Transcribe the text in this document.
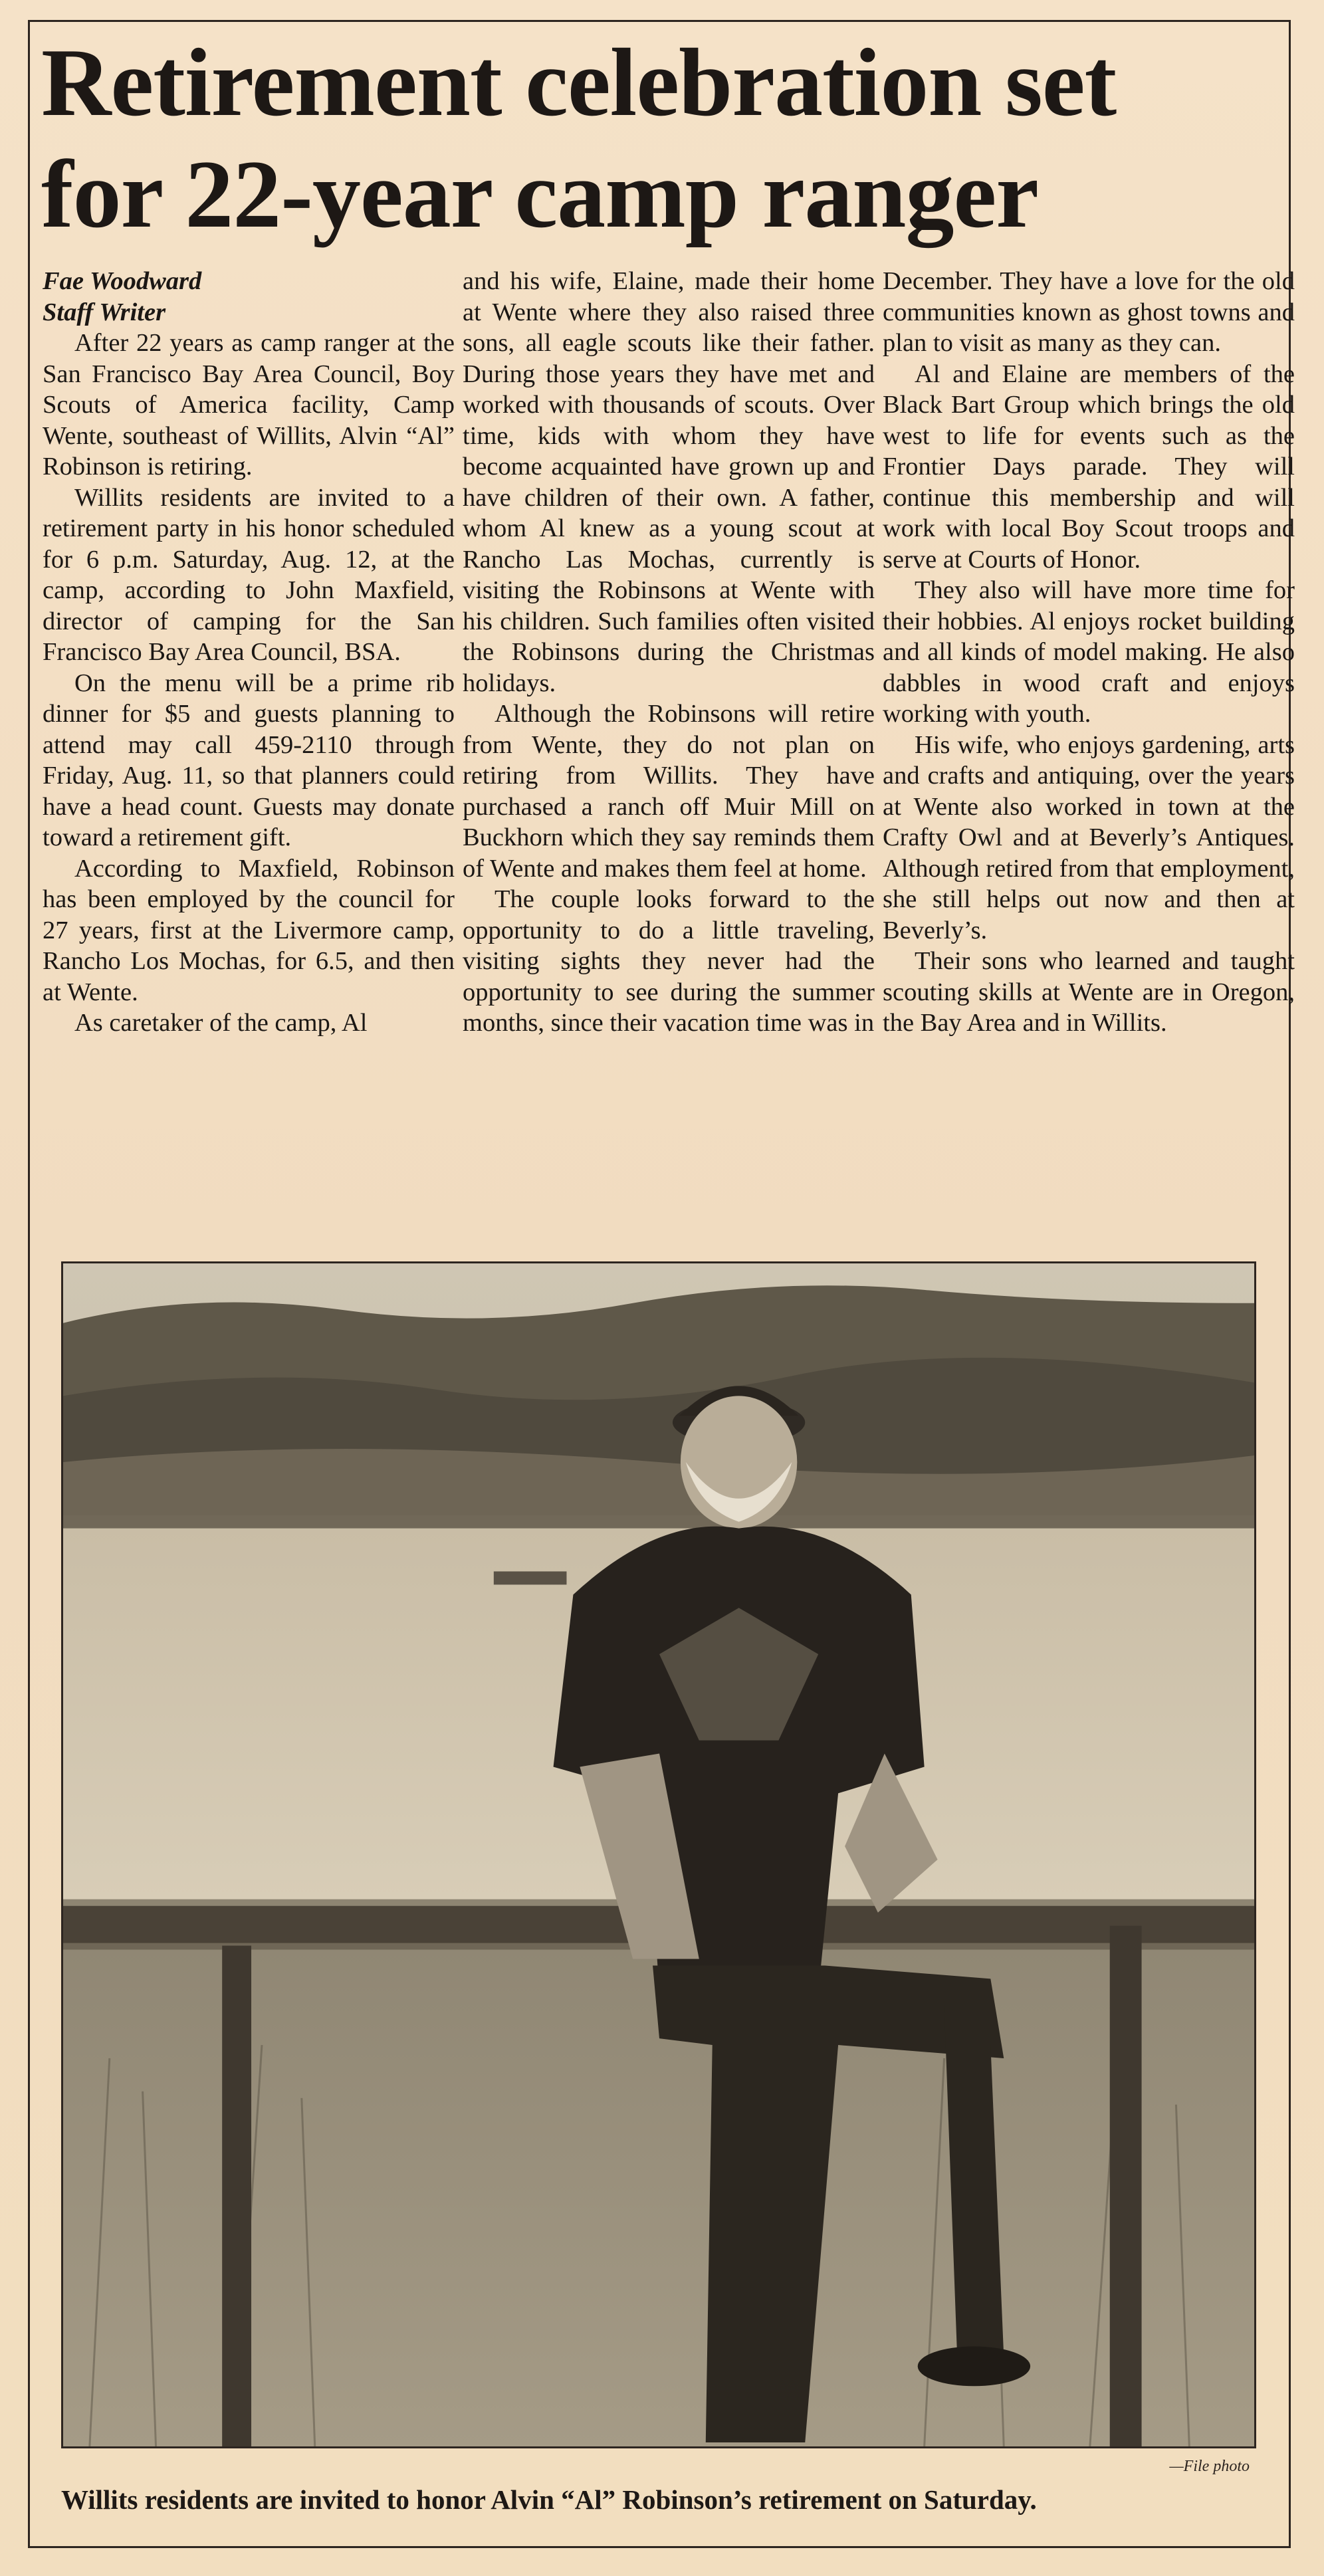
Retirement celebration set
for 22-year camp ranger
Fae Woodward
Staff Writer

After 22 years as camp ranger at the San Francisco Bay Area Council, Boy Scouts of America facility, Camp Wente, southeast of Willits, Alvin “Al” Robinson is retiring.

Willits residents are invited to a retirement party in his honor scheduled for 6 p.m. Saturday, Aug. 12, at the camp, according to John Maxfield, director of camping for the San Francisco Bay Area Council, BSA.

On the menu will be a prime rib dinner for $5 and guests planning to attend may call 459-2110 through Friday, Aug. 11, so that planners could have a head count. Guests may donate toward a retirement gift.

According to Maxfield, Robinson has been employed by the council for 27 years, first at the Livermore camp, Rancho Los Mochas, for 6.5, and then at Wente.

As caretaker of the camp, Al

and his wife, Elaine, made their home at Wente where they also raised three sons, all eagle scouts like their father. During those years they have met and worked with thousands of scouts. Over time, kids with whom they have become acquainted have grown up and have children of their own. A father, whom Al knew as a young scout at Rancho Las Mochas, currently is visiting the Robinsons at Wente with his children. Such families often visited the Robinsons during the Christmas holidays.

Although the Robinsons will retire from Wente, they do not plan on retiring from Willits. They have purchased a ranch off Muir Mill on Buckhorn which they say reminds them of Wente and makes them feel at home.

The couple looks forward to the opportunity to do a little traveling, visiting sights they never had the opportunity to see during the summer months, since their vacation time was in

December. They have a love for the old communities known as ghost towns and plan to visit as many as they can.

Al and Elaine are members of the Black Bart Group which brings the old west to life for events such as the Frontier Days parade. They will continue this membership and will work with local Boy Scout troops and serve at Courts of Honor.

They also will have more time for their hobbies. Al enjoys rocket building and all kinds of model making. He also dabbles in wood craft and enjoys working with youth.

His wife, who enjoys gardening, arts and crafts and antiquing, over the years at Wente also worked in town at the Crafty Owl and at Beverly’s Antiques. Although retired from that employment, she still helps out now and then at Beverly’s.

Their sons who learned and taught scouting skills at Wente are in Oregon, the Bay Area and in Willits.

—File photo
Willits residents are invited to honor Alvin “Al” Robinson’s retirement on Saturday.
